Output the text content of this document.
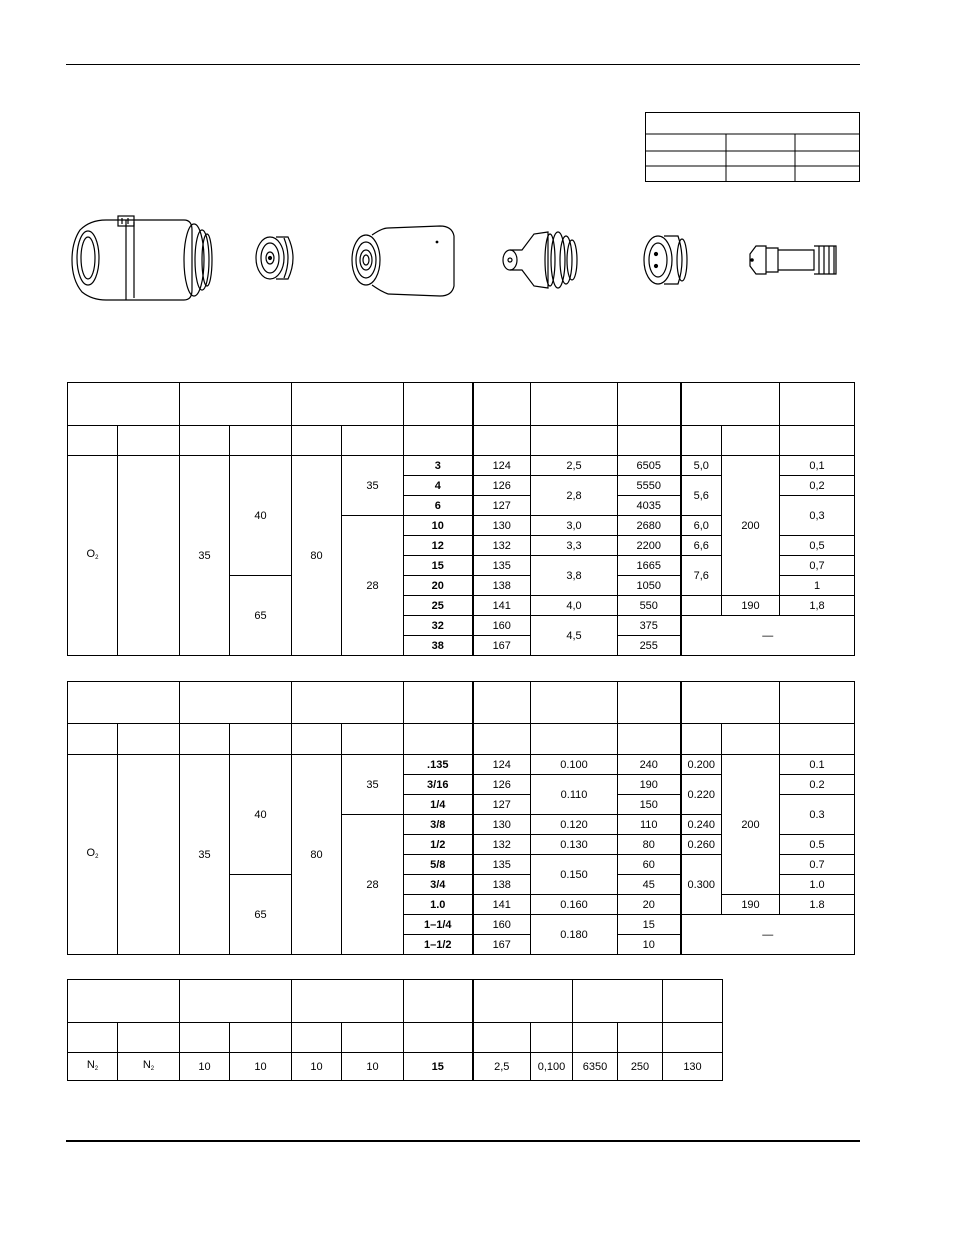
$O_2$		35	40	80	35	3	124	2,5	6505	5,0	200	0,1
						4	126	2,8	5550	5,6		0,2
						6	127		4035			0,3
					28	10	130	3,0	2680	6,0		
						12	132	3,3	2200	6,6		0,5
						15	135	3,8	1665	7,6		0,7
			65			20	138		1050			1
						25	141	4,0	550		190	1,8
						32	160	4,5	375	—		
						38	167		255			

$O_2$		35	40	80	35	.135	124	0.100	240	0.200	200	0.1
						3/16	126	0.110	190	0.220		0.2
						1/4	127		150			0.3
					28	3/8	130	0.120	110	0.240		
						1/2	132	0.130	80	0.260		0.5
						5/8	135	0.150	60	0.300		0.7
			65			3/4	138		45			1.0
						1.0	141	0.160	20		190	1.8
						1–1/4	160	0.180	15	—		
						1–1/2	167		10			

$N_2$	$N_2$	10	10	10	10	15	2,5	0,100	6350	250	130
